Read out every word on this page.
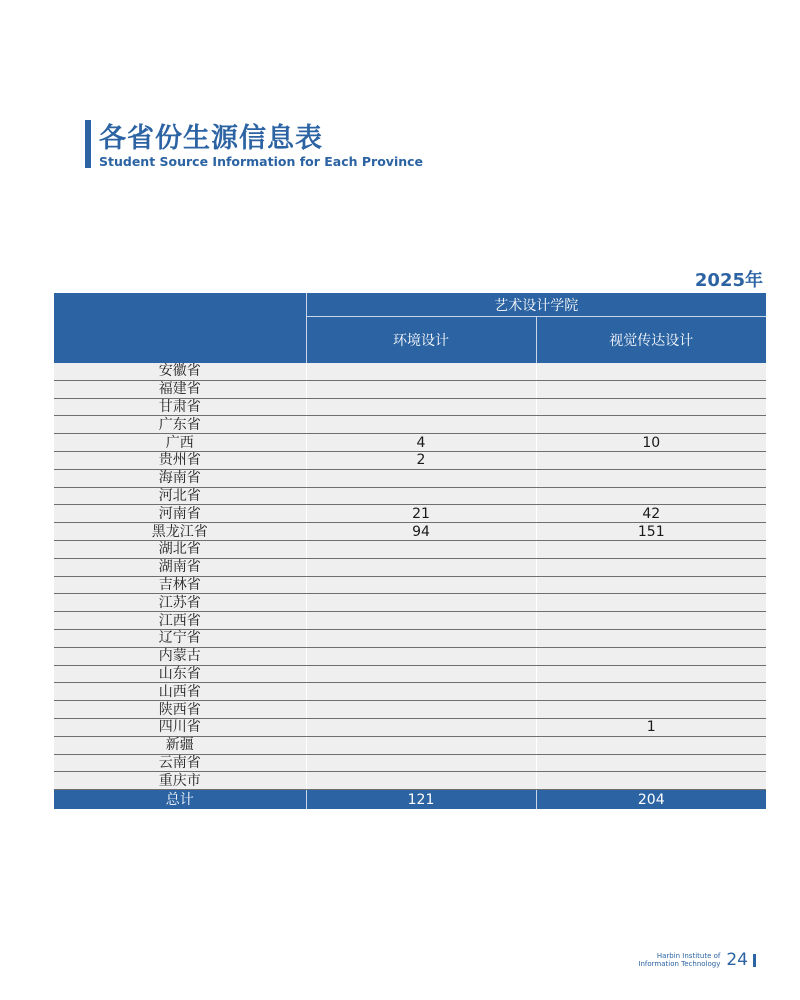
各省份生源信息表
Student Source Information for Each Province
2025年
	艺术设计学院	
	环境设计	视觉传达设计
安徽省		
福建省		
甘肃省		
广东省		
广西	4	10
贵州省	2	
海南省		
河北省		
河南省	21	42
黑龙江省	94	151
湖北省		
湖南省		
吉林省		
江苏省		
江西省		
辽宁省		
内蒙古		
山东省		
山西省		
陕西省		
四川省		1
新疆		
云南省		
重庆市		
总计	121	204
Harbin Institute of
Information Technology 24
